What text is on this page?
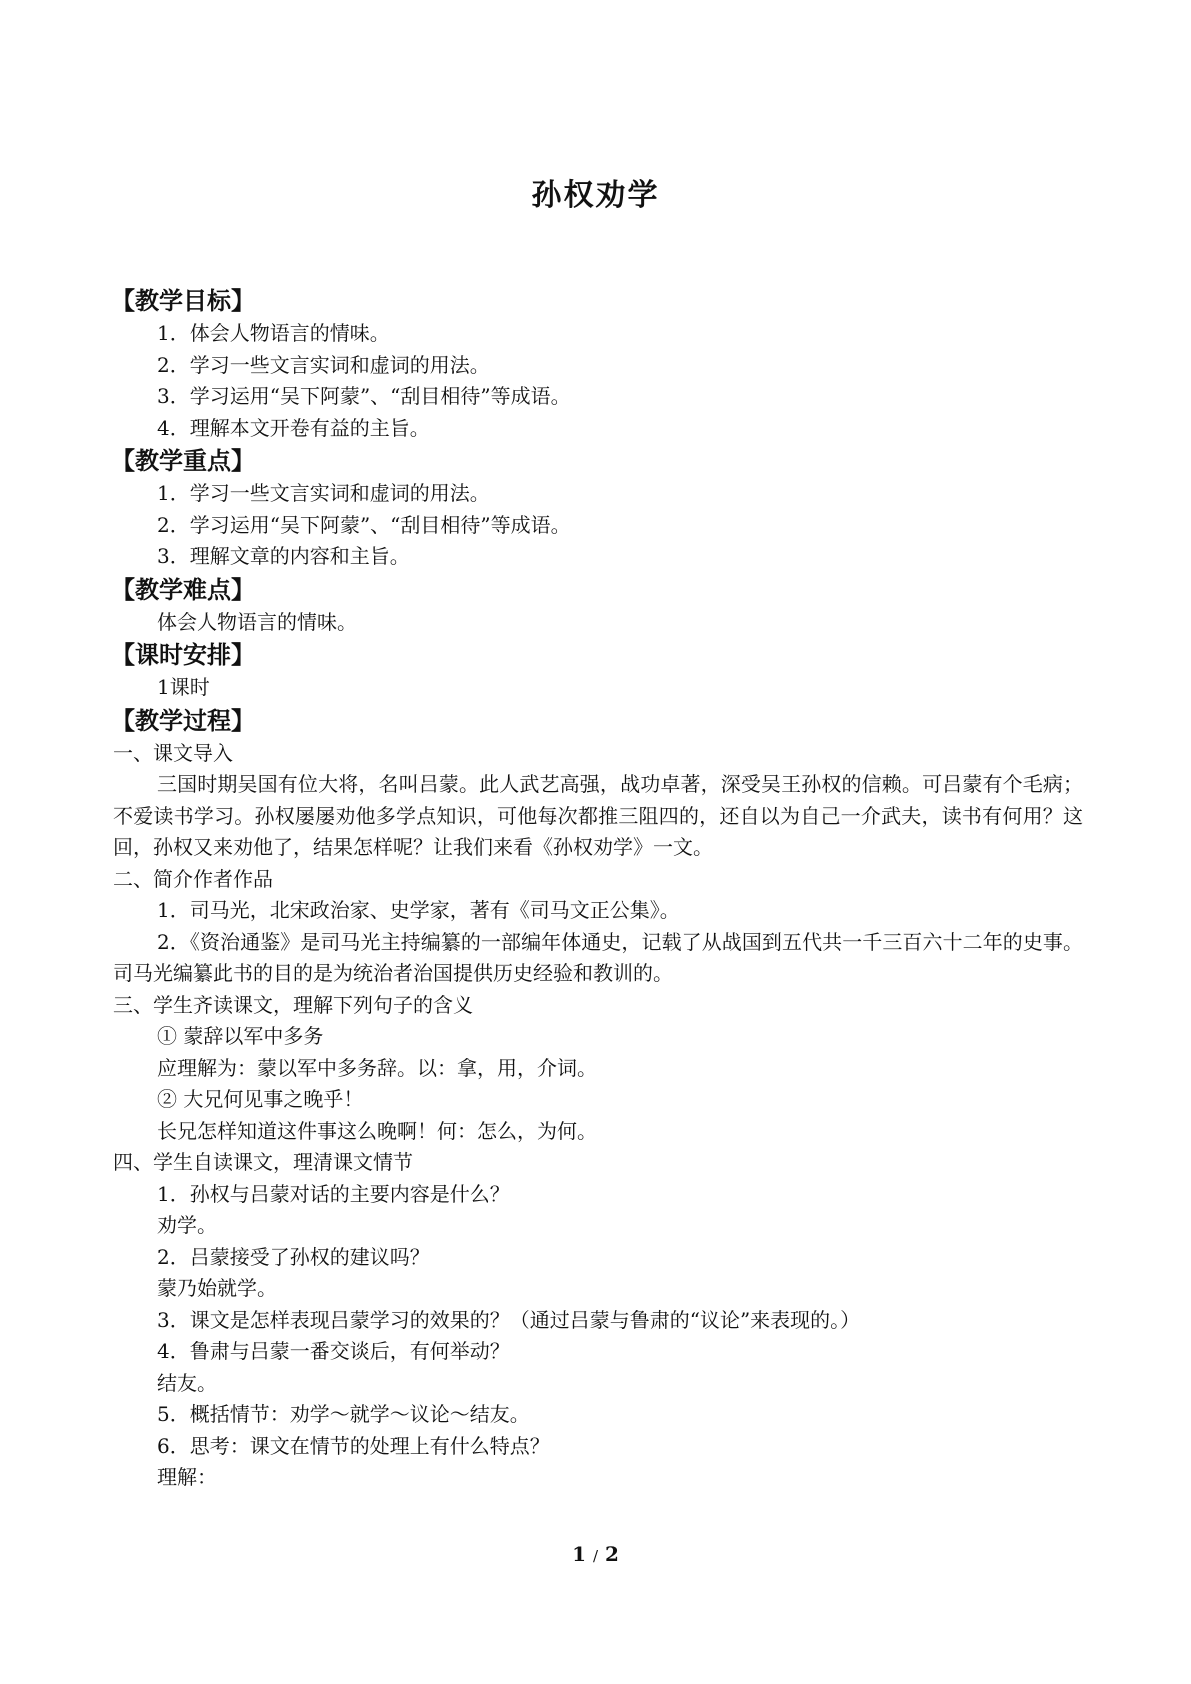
孙权劝学
【教学目标】
1．体会人物语言的情味。
2．学习一些文言实词和虚词的用法。
3．学习运用“吴下阿蒙”、“刮目相待”等成语。
4．理解本文开卷有益的主旨。
【教学重点】
1．学习一些文言实词和虚词的用法。
2．学习运用“吴下阿蒙”、“刮目相待”等成语。
3．理解文章的内容和主旨。
【教学难点】
体会人物语言的情味。
【课时安排】
1课时
【教学过程】
一、课文导入
三国时期吴国有位大将，名叫吕蒙。此人武艺高强，战功卓著，深受吴王孙权的信赖。可吕蒙有个毛病；不爱读书学习。孙权屡屡劝他多学点知识，可他每次都推三阻四的，还自以为自己一介武夫，读书有何用？这回，孙权又来劝他了，结果怎样呢？让我们来看《孙权劝学》一文。
二、简介作者作品
1．司马光，北宋政治家、史学家，著有《司马文正公集》。
2．《资治通鉴》是司马光主持编纂的一部编年体通史，记载了从战国到五代共一千三百六十二年的史事。司马光编纂此书的目的是为统治者治国提供历史经验和教训的。
三、学生齐读课文，理解下列句子的含义
① 蒙辞以军中多务
应理解为：蒙以军中多务辞。以：拿，用，介词。
② 大兄何见事之晚乎！
长兄怎样知道这件事这么晚啊！何：怎么，为何。
四、学生自读课文，理清课文情节
1．孙权与吕蒙对话的主要内容是什么？
劝学。
2．吕蒙接受了孙权的建议吗？
蒙乃始就学。
3．课文是怎样表现吕蒙学习的效果的？（通过吕蒙与鲁肃的“议论”来表现的。）
4．鲁肃与吕蒙一番交谈后，有何举动？
结友。
5．概括情节：劝学～就学～议论～结友。
6．思考：课文在情节的处理上有什么特点？
理解：
1 / 2
